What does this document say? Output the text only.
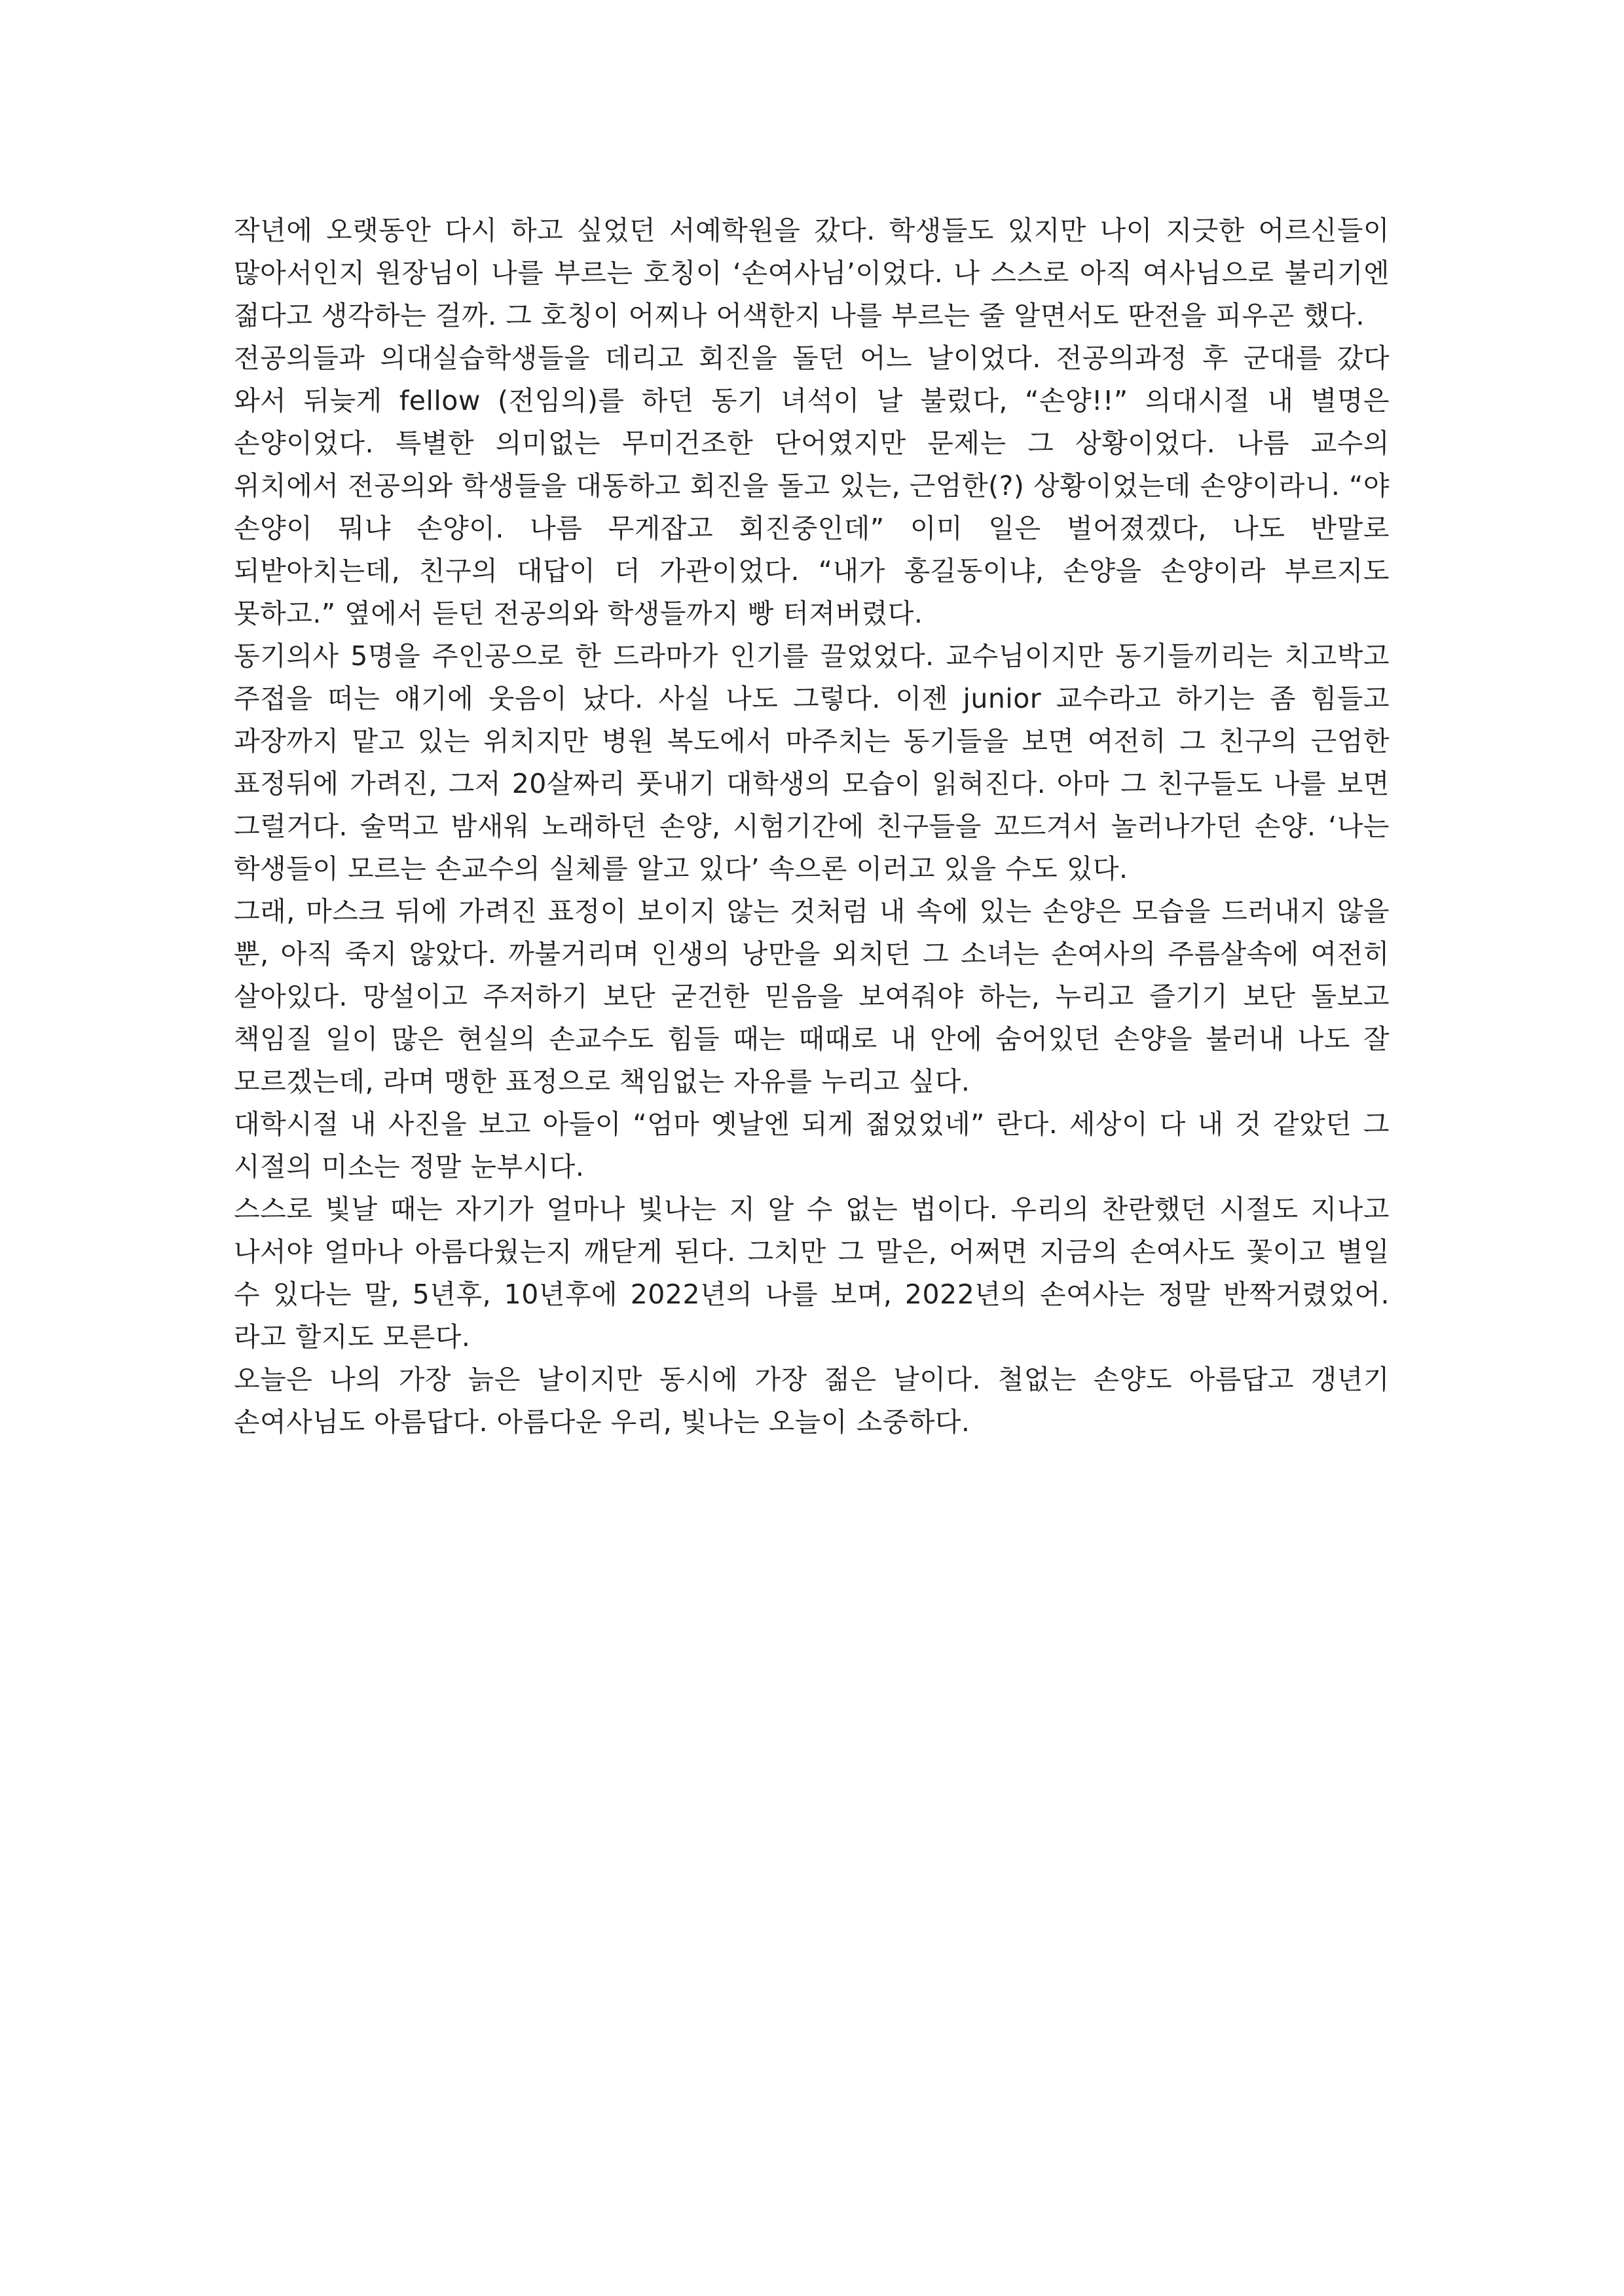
작년에 오랫동안 다시 하고 싶었던 서예학원을 갔다. 학생들도 있지만 나이 지긋한 어르신들이 많아서인지 원장님이 나를 부르는 호칭이 ‘손여사님’이었다. 나 스스로 아직 여사님으로 불리기엔 젊다고 생각하는 걸까. 그 호칭이 어찌나 어색한지 나를 부르는 줄 알면서도 딴전을 피우곤 했다.

전공의들과 의대실습학생들을 데리고 회진을 돌던 어느 날이었다. 전공의과정 후 군대를 갔다 와서 뒤늦게 fellow (전임의)를 하던 동기 녀석이 날 불렀다, “손양!!” 의대시절 내 별명은 손양이었다. 특별한 의미없는 무미건조한 단어였지만 문제는 그 상황이었다. 나름 교수의 위치에서 전공의와 학생들을 대동하고 회진을 돌고 있는, 근엄한(?) 상황이었는데 손양이라니. “야 손양이 뭐냐 손양이. 나름 무게잡고 회진중인데” 이미 일은 벌어졌겠다, 나도 반말로 되받아치는데, 친구의 대답이 더 가관이었다. “내가 홍길동이냐, 손양을 손양이라 부르지도 못하고.” 옆에서 듣던 전공의와 학생들까지 빵 터져버렸다.

동기의사 5명을 주인공으로 한 드라마가 인기를 끌었었다. 교수님이지만 동기들끼리는 치고박고 주접을 떠는 얘기에 웃음이 났다. 사실 나도 그렇다. 이젠 junior 교수라고 하기는 좀 힘들고 과장까지 맡고 있는 위치지만 병원 복도에서 마주치는 동기들을 보면 여전히 그 친구의 근엄한 표정뒤에 가려진, 그저 20살짜리 풋내기 대학생의 모습이 읽혀진다. 아마 그 친구들도 나를 보면 그럴거다. 술먹고 밤새워 노래하던 손양, 시험기간에 친구들을 꼬드겨서 놀러나가던 손양. ‘나는 학생들이 모르는 손교수의 실체를 알고 있다’ 속으론 이러고 있을 수도 있다.

그래, 마스크 뒤에 가려진 표정이 보이지 않는 것처럼 내 속에 있는 손양은 모습을 드러내지 않을 뿐, 아직 죽지 않았다. 까불거리며 인생의 낭만을 외치던 그 소녀는 손여사의 주름살속에 여전히 살아있다. 망설이고 주저하기 보단 굳건한 믿음을 보여줘야 하는, 누리고 즐기기 보단 돌보고 책임질 일이 많은 현실의 손교수도 힘들 때는 때때로 내 안에 숨어있던 손양을 불러내 나도 잘 모르겠는데, 라며 맹한 표정으로 책임없는 자유를 누리고 싶다.

대학시절 내 사진을 보고 아들이 “엄마 옛날엔 되게 젊었었네” 란다. 세상이 다 내 것 같았던 그 시절의 미소는 정말 눈부시다.

스스로 빛날 때는 자기가 얼마나 빛나는 지 알 수 없는 법이다. 우리의 찬란했던 시절도 지나고 나서야 얼마나 아름다웠는지 깨닫게 된다. 그치만 그 말은, 어쩌면 지금의 손여사도 꽃이고 별일 수 있다는 말, 5년후, 10년후에 2022년의 나를 보며, 2022년의 손여사는 정말 반짝거렸었어. 라고 할지도 모른다.

오늘은 나의 가장 늙은 날이지만 동시에 가장 젊은 날이다. 철없는 손양도 아름답고 갱년기 손여사님도 아름답다. 아름다운 우리, 빛나는 오늘이 소중하다.
